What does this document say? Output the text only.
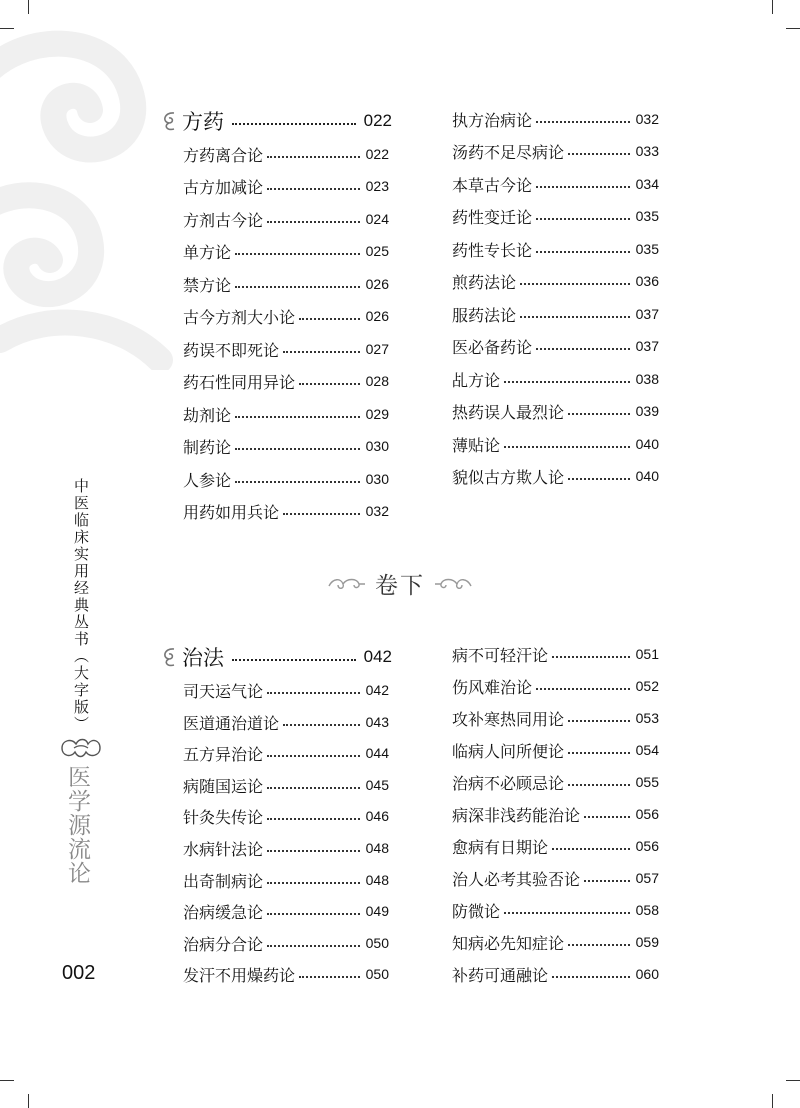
方药	022
方药离合论	022
古方加减论	023
方剂古今论	024
单方论	025
禁方论	026
古今方剂大小论	026
药误不即死论	027
药石性同用异论	028
劫剂论	029
制药论	030
人参论	030
用药如用兵论	032
执方治病论	032
汤药不足尽病论	033
本草古今论	034
药性变迁论	035
药性专长论	035
煎药法论	036
服药法论	037
医必备药论	037
乩方论	038
热药误人最烈论	039
薄贴论	040
貌似古方欺人论	040
卷下
治法	042
司天运气论	042
医道通治道论	043
五方异治论	044
病随国运论	045
针灸失传论	046
水病针法论	048
出奇制病论	048
治病缓急论	049
治病分合论	050
发汗不用燥药论	050
病不可轻汗论	051
伤风难治论	052
攻补寒热同用论	053
临病人问所便论	054
治病不必顾忌论	055
病深非浅药能治论	056
愈病有日期论	056
治人必考其验否论	057
防微论	058
知病必先知症论	059
补药可通融论	060
中医临床实用经典丛书（大字版）
医学源流论
002
